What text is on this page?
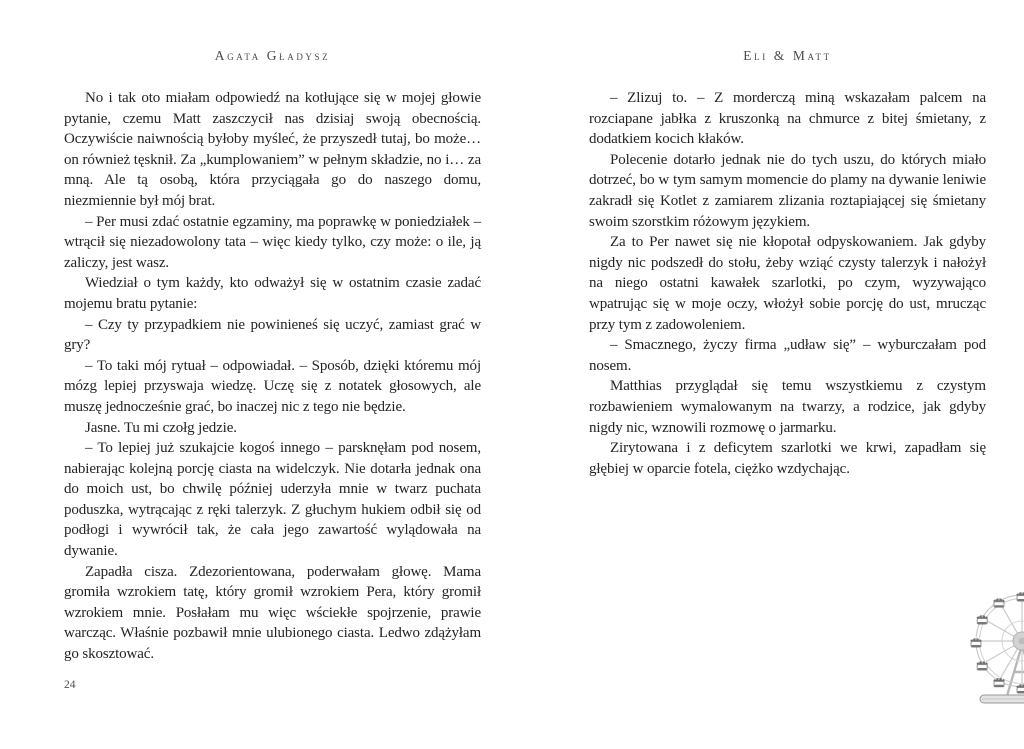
Agata Gładysz

No i tak oto miałam odpowiedź na kotłujące się w mojej głowie pytanie, czemu Matt zaszczycił nas dzisiaj swoją obecnością. Oczywiście naiwnością byłoby myśleć, że przyszedł tutaj, bo może… on również tęsknił. Za „kumplowaniem” w pełnym składzie, no i… za mną. Ale tą osobą, która przyciągała go do naszego domu, niezmiennie był mój brat.

– Per musi zdać ostatnie egzaminy, ma poprawkę w poniedziałek – wtrącił się niezadowolony tata – więc kiedy tylko, czy może: o ile, ją zaliczy, jest wasz.

Wiedział o tym każdy, kto odważył się w ostatnim czasie zadać mojemu bratu pytanie:

– Czy ty przypadkiem nie powinieneś się uczyć, zamiast grać w gry?

– To taki mój rytuał – odpowiadał. – Sposób, dzięki któremu mój mózg lepiej przyswaja wiedzę. Uczę się z notatek głosowych, ale muszę jednocześnie grać, bo inaczej nic z tego nie będzie.

Jasne. Tu mi czołg jedzie.

– To lepiej już szukajcie kogoś innego – parsknęłam pod nosem, nabierając kolejną porcję ciasta na widelczyk. Nie dotarła jednak ona do moich ust, bo chwilę później uderzyła mnie w twarz puchata poduszka, wytrącając z ręki talerzyk. Z głuchym hukiem odbił się od podłogi i wywrócił tak, że cała jego zawartość wylądowała na dywanie.

Zapadła cisza. Zdezorientowana, poderwałam głowę. Mama gromiła wzrokiem tatę, który gromił wzrokiem Pera, który gromił wzrokiem mnie. Posłałam mu więc wściekłe spojrzenie, prawie warcząc. Właśnie pozbawił mnie ulubionego ciasta. Ledwo zdążyłam go skosztować.

24
Eli & Matt

– Zlizuj to. – Z morderczą miną wskazałam palcem na rozciapane jabłka z kruszonką na chmurce z bitej śmietany, z dodatkiem kocich kłaków.

Polecenie dotarło jednak nie do tych uszu, do których miało dotrzeć, bo w tym samym momencie do plamy na dywanie leniwie zakradł się Kotlet z zamiarem zlizania roztapiającej się śmietany swoim szorstkim różowym językiem.

Za to Per nawet się nie kłopotał odpyskowaniem. Jak gdyby nigdy nic podszedł do stołu, żeby wziąć czysty talerzyk i nałożył na niego ostatni kawałek szarlotki, po czym, wyzywająco wpatrując się w moje oczy, włożył sobie porcję do ust, mrucząc przy tym z zadowoleniem.

– Smacznego, życzy firma „udław się” – wyburczałam pod nosem.

Matthias przyglądał się temu wszystkiemu z czystym rozbawieniem wymalowanym na twarzy, a rodzice, jak gdyby nigdy nic, wznowili rozmowę o jarmarku.

Zirytowana i z deficytem szarlotki we krwi, zapadłam się głębiej w oparcie fotela, ciężko wzdychając.
